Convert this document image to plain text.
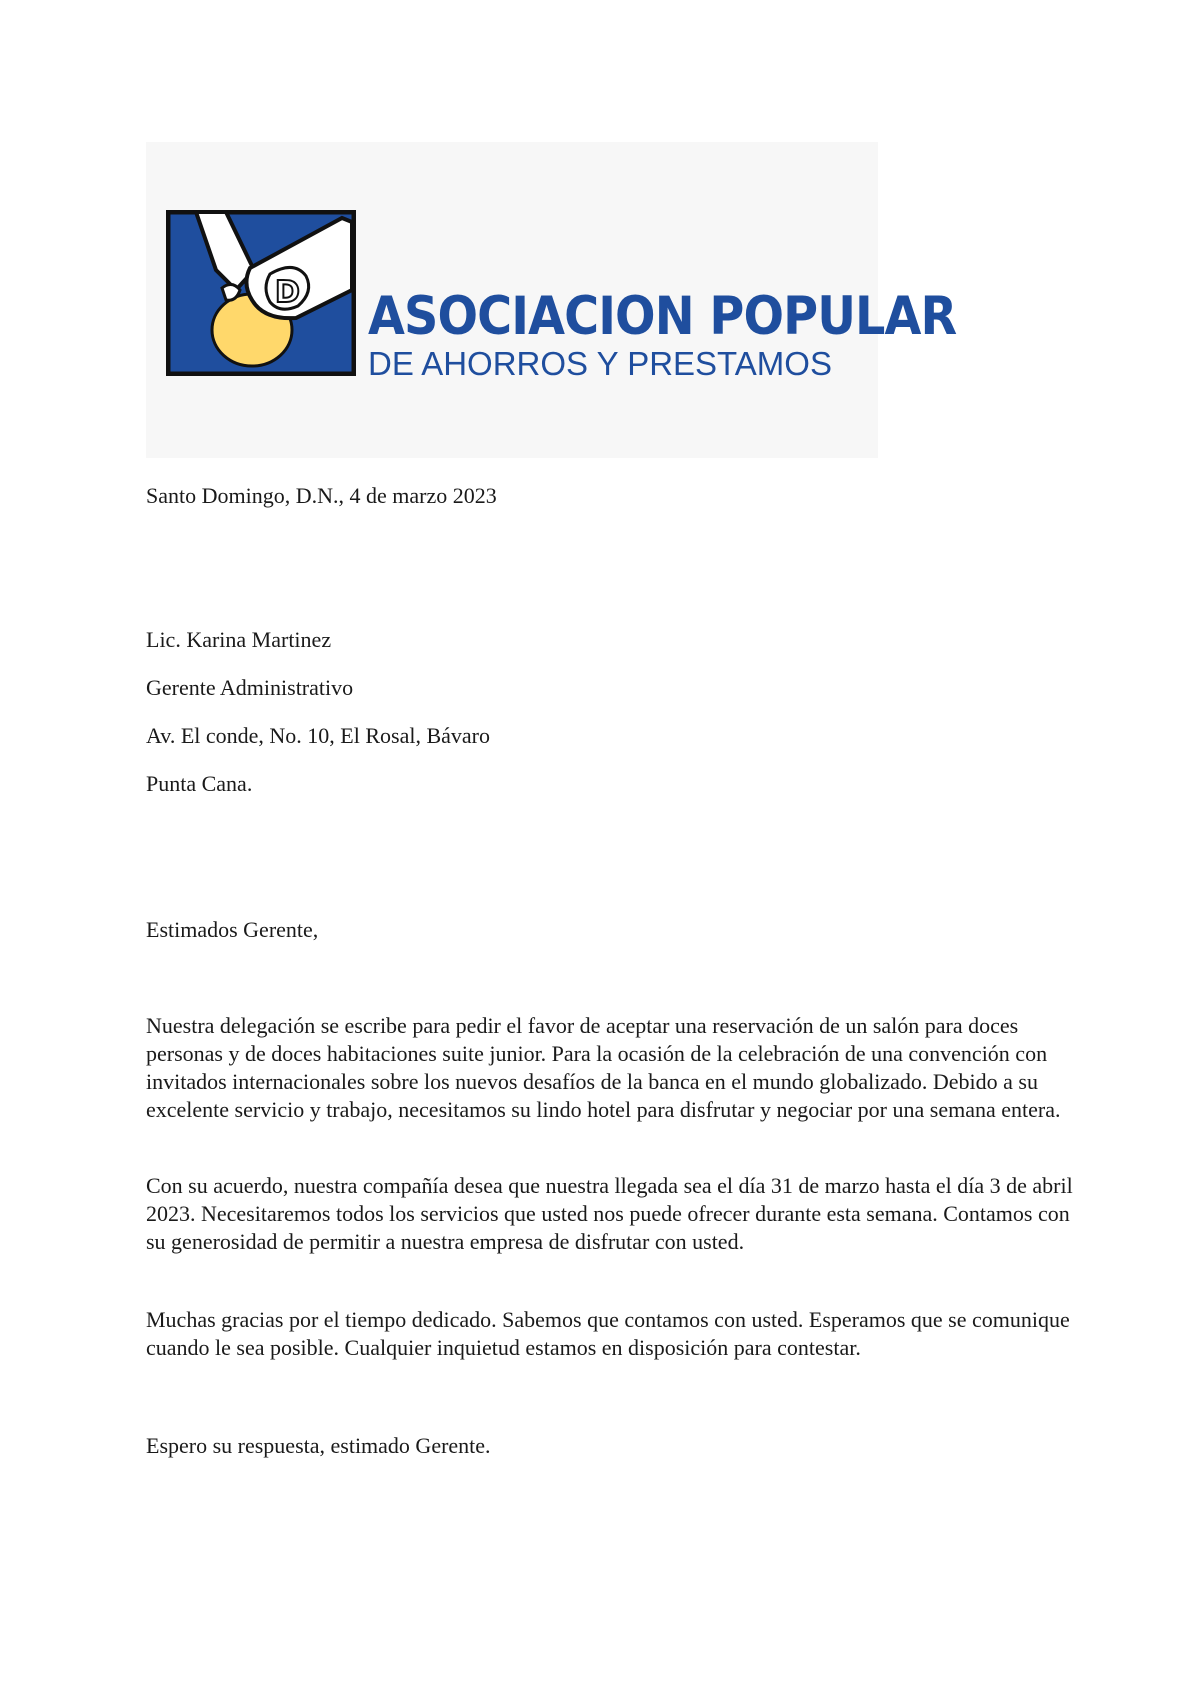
D ASOCIACION POPULAR
DE AHORROS Y PRESTAMOS

Santo Domingo, D.N., 4 de marzo 2023

Lic. Karina Martinez

Gerente Administrativo

Av. El conde, No. 10, El Rosal, Bávaro

Punta Cana.

Estimados Gerente,

Nuestra delegación se escribe para pedir el favor de aceptar una reservación de un salón para doces personas y de doces habitaciones suite junior. Para la ocasión de la celebración de una convención con invitados internacionales sobre los nuevos desafíos de la banca en el mundo globalizado. Debido a su excelente servicio y trabajo, necesitamos su lindo hotel para disfrutar y negociar por una semana entera.

Con su acuerdo, nuestra compañía desea que nuestra llegada sea el día 31 de marzo hasta el día 3 de abril 2023. Necesitaremos todos los servicios que usted nos puede ofrecer durante esta semana. Contamos con su generosidad de permitir a nuestra empresa de disfrutar con usted.

Muchas gracias por el tiempo dedicado. Sabemos que contamos con usted. Esperamos que se comunique cuando le sea posible. Cualquier inquietud estamos en disposición para contestar.

Espero su respuesta, estimado Gerente.
